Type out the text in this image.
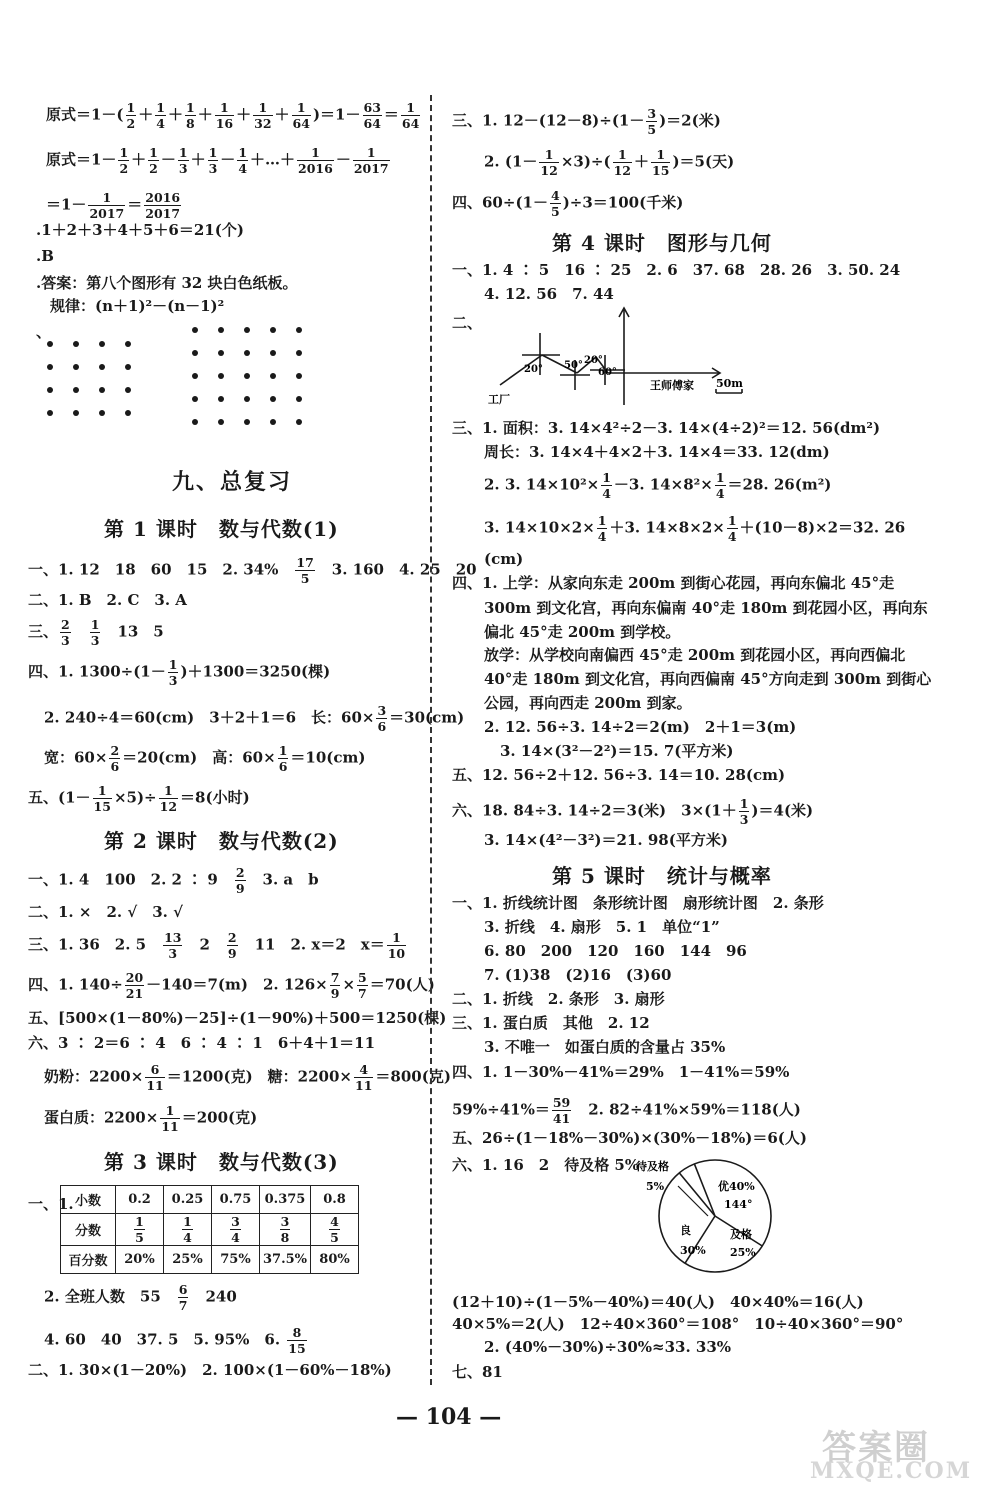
原式$=1-( \frac{1}{2} + \frac{1}{4} + \frac{1}{8} + \frac{1}{16} + \frac{1}{32} + \frac{1}{64} )=1- \frac{63}{64} = \frac{1}{64}$
原式$=1- \frac{1}{2} + \frac{1}{2} - \frac{1}{3} + \frac{1}{3} - \frac{1}{4}$ ＋…＋ $\frac{1}{2016} - \frac{1}{2017}$
$=1- \frac{1}{2017} = \frac{2016}{2017}$
.1＋2＋3＋4＋5＋6＝21(个)
.B
.答案：第八个图形有 32 块白色纸板。
规律：(n＋1)²－(n－1)²
、
九、总复习
第 1 课时　数与代数(1)
一、1. 12　18　60　15　2. 34%　 $\frac{17}{5}$ 　3. 160　4. 25　20
二、1. B　2. C　3. A
三、 $\frac{2}{3}$
　 $\frac{1}{3}$ 　13　5
四、1. $1300\div(1- \frac{1}{3} )+1300=3250$(棵)
2. 240÷4＝60(cm)　3＋2＋1＝6　长：$60\times \frac{3}{6} =30(cm)$
宽：$60\times \frac{2}{6} =20(cm)$　高：$60\times \frac{1}{6} =10(cm)$
五、$(1- \frac{1}{15} \times 5)\div \frac{1}{12} =8$(小时)
第 2 课时　数与代数(2)
一、1. 4　100　2. 2 ∶ 9　 $\frac{2}{9}$ 　3. a　b
二、1. ×　2. √　3. √
三、1. 36　2. 5　 $\frac{13}{3}$ 　2　 $\frac{2}{9}$ 　11　2. x＝2　$x= \frac{1}{10}$
四、1. $140\div \frac{20}{21} -140=7(m)$　2. $126\times \frac{7}{9} \times \frac{5}{7} =70$(人)
五、[500×(1－80%)－25]÷(1－90%)＋500＝1250(棵)
六、3 ∶ 2＝6 ∶ 4　6 ∶ 4 ∶ 1　6＋4＋1＝11
奶粉：$2200\times \frac{6}{11} =1200$(克)　糖：$2200\times \frac{4}{11} =800$(克)
蛋白质：$2200\times \frac{1}{11} =200$(克)
第 3 课时　数与代数(3)
一、1. 小数	0.2	0.25	0.75	0.375	0.8
分数	$\frac{1}{5}$	$\frac{1}{4}$	$\frac{3}{4}$	$\frac{3}{8}$	$\frac{4}{5}$

百分数	20%	25%	75%	37.5%	80%
2. 全班人数　55　 $\frac{6}{7}$ 　240
4. 60　40　37. 5　5. 95%　6. $\frac{8}{15}$
二、1. 30×(1－20%)　2. 100×(1－60%－18%)
三、1. $12-(12-8)\div(1- \frac{3}{5} )=2$(米)
2. $(1- \frac{1}{12} \times 3)\div( \frac{1}{12} + \frac{1}{15} )=5$(天)
四、$60\div(1- \frac{4}{5} )\div 3=100$(千米)
第 4 课时　图形与几何
一、1. 4 ∶ 5　16 ∶ 25　2. 6　37. 68　28. 26　3. 50. 24
4. 12. 56　7. 44
二、
20° 50° 20°
60°
工厂
王师傅家 50m
三、1. 面积：3. 14×4²÷2－3. 14×(4÷2)²＝12. 56(dm²)
周长：3. 14×4＋4×2＋3. 14×4＝33. 12(dm)
2. 3. $14\times 10^2\times \frac{1}{4} -3$. $14\times 8^2\times \frac{1}{4} =28$. 26(m²)
3. $14\times 10\times 2\times \frac{1}{4} +3$. $14\times 8\times 2\times \frac{1}{4} +(10-8)\times 2=32$. 26
(cm)
四、1. 上学：从家向东走 200m 到街心花园，再向东偏北 45°走
300m 到文化宫，再向东偏南 40°走 180m 到花园小区，再向东
偏北 45°走 200m 到学校。
放学：从学校向南偏西 45°走 200m 到花园小区，再向西偏北
40°走 180m 到文化宫，再向西偏南 45°方向走到 300m 到街心
公园，再向西走 200m 到家。
2. 12. 56÷3. 14÷2＝2(m)　2＋1＝3(m)
3. 14×(3²－2²)＝15. 7(平方米)
五、12. 56÷2＋12. 56÷3. 14＝10. 28(cm)
六、18. 84÷3. 14÷2＝3(米)　$3\times(1+ \frac{1}{3} )=4$(米)
3. 14×(4²－3²)＝21. 98(平方米)
第 5 课时　统计与概率
一、1. 折线统计图　条形统计图　扇形统计图　2. 条形
3. 折线　4. 扇形　5. 1　单位“1”
6. 80　200　120　160　144　96
7. (1)38　(2)16　(3)60
二、1. 折线　2. 条形　3. 扇形
三、1. 蛋白质　其他　2. 12
3. 不唯一　如蛋白质的含量占 35%
四、1. 1－30%－41%＝29%　1－41%＝59%
$59\%\div 41\%= \frac{59}{41}$ 　2. 82÷41%×59%＝118(人)
五、26÷(1－18%－30%)×(30%－18%)＝6(人)
六、1. 16　2　待及格 5%
待及格
5%	优40%
144°
良
30%
及格
25%
(12＋10)÷(1－5%－40%)＝40(人)　40×40%＝16(人)
40×5%＝2(人)　12÷40×360°＝108°　10÷40×360°＝90°
2. (40%－30%)÷30%≈33. 33%
七、81
— 104 —
答案圈
MXQE.COM
